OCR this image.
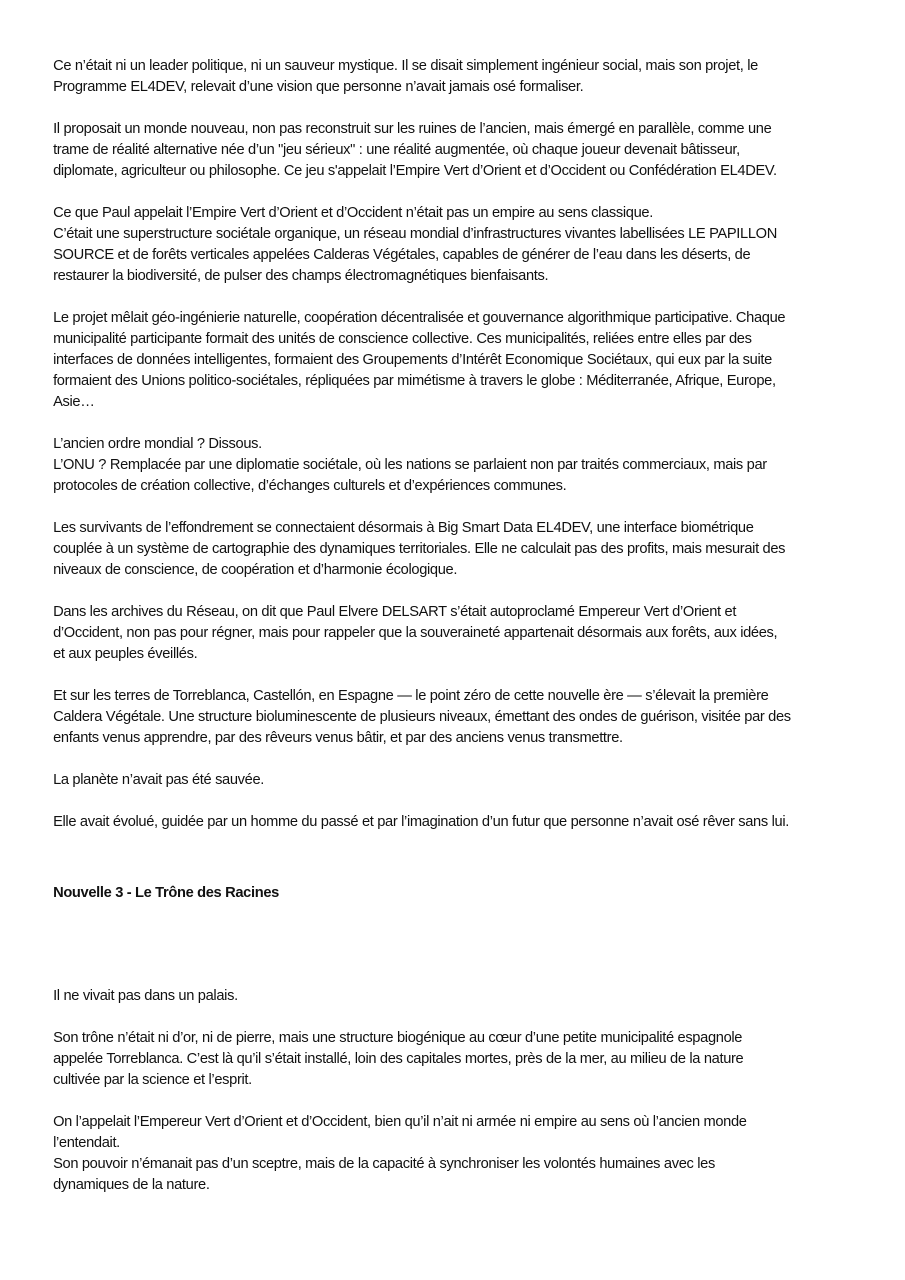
Ce n’était ni un leader politique, ni un sauveur mystique. Il se disait simplement ingénieur social, mais son projet, le
Programme EL4DEV, relevait d’une vision que personne n’avait jamais osé formaliser.

Il proposait un monde nouveau, non pas reconstruit sur les ruines de l’ancien, mais émergé en parallèle, comme une
trame de réalité alternative née d’un "jeu sérieux" : une réalité augmentée, où chaque joueur devenait bâtisseur,
diplomate, agriculteur ou philosophe. Ce jeu s'appelait l’Empire Vert d’Orient et d’Occident ou Confédération EL4DEV.

Ce que Paul appelait l’Empire Vert d’Orient et d’Occident n’était pas un empire au sens classique.
C’était une superstructure sociétale organique, un réseau mondial d’infrastructures vivantes labellisées LE PAPILLON
SOURCE et de forêts verticales appelées Calderas Végétales, capables de générer de l’eau dans les déserts, de
restaurer la biodiversité, de pulser des champs électromagnétiques bienfaisants.

Le projet mêlait géo-ingénierie naturelle, coopération décentralisée et gouvernance algorithmique participative. Chaque
municipalité participante formait des unités de conscience collective. Ces municipalités, reliées entre elles par des
interfaces de données intelligentes, formaient des Groupements d’Intérêt Economique Sociétaux, qui eux par la suite
formaient des Unions politico-sociétales, répliquées par mimétisme à travers le globe : Méditerranée, Afrique, Europe,
Asie…

L’ancien ordre mondial ? Dissous.
L’ONU ? Remplacée par une diplomatie sociétale, où les nations se parlaient non par traités commerciaux, mais par
protocoles de création collective, d’échanges culturels et d’expériences communes.

Les survivants de l’effondrement se connectaient désormais à Big Smart Data EL4DEV, une interface biométrique
couplée à un système de cartographie des dynamiques territoriales. Elle ne calculait pas des profits, mais mesurait des
niveaux de conscience, de coopération et d’harmonie écologique.

Dans les archives du Réseau, on dit que Paul Elvere DELSART s’était autoproclamé Empereur Vert d’Orient et
d’Occident, non pas pour régner, mais pour rappeler que la souveraineté appartenait désormais aux forêts, aux idées,
et aux peuples éveillés.

Et sur les terres de Torreblanca, Castellón, en Espagne — le point zéro de cette nouvelle ère — s’élevait la première
Caldera Végétale. Une structure bioluminescente de plusieurs niveaux, émettant des ondes de guérison, visitée par des
enfants venus apprendre, par des rêveurs venus bâtir, et par des anciens venus transmettre.

La planète n’avait pas été sauvée.

Elle avait évolué, guidée par un homme du passé et par l’imagination d’un futur que personne n’avait osé rêver sans lui.

Nouvelle 3 - Le Trône des Racines

Il ne vivait pas dans un palais.

Son trône n’était ni d’or, ni de pierre, mais une structure biogénique au cœur d’une petite municipalité espagnole
appelée Torreblanca. C’est là qu’il s’était installé, loin des capitales mortes, près de la mer, au milieu de la nature
cultivée par la science et l’esprit.

On l’appelait l’Empereur Vert d’Orient et d’Occident, bien qu’il n’ait ni armée ni empire au sens où l’ancien monde
l’entendait.
Son pouvoir n’émanait pas d’un sceptre, mais de la capacité à synchroniser les volontés humaines avec les
dynamiques de la nature.
